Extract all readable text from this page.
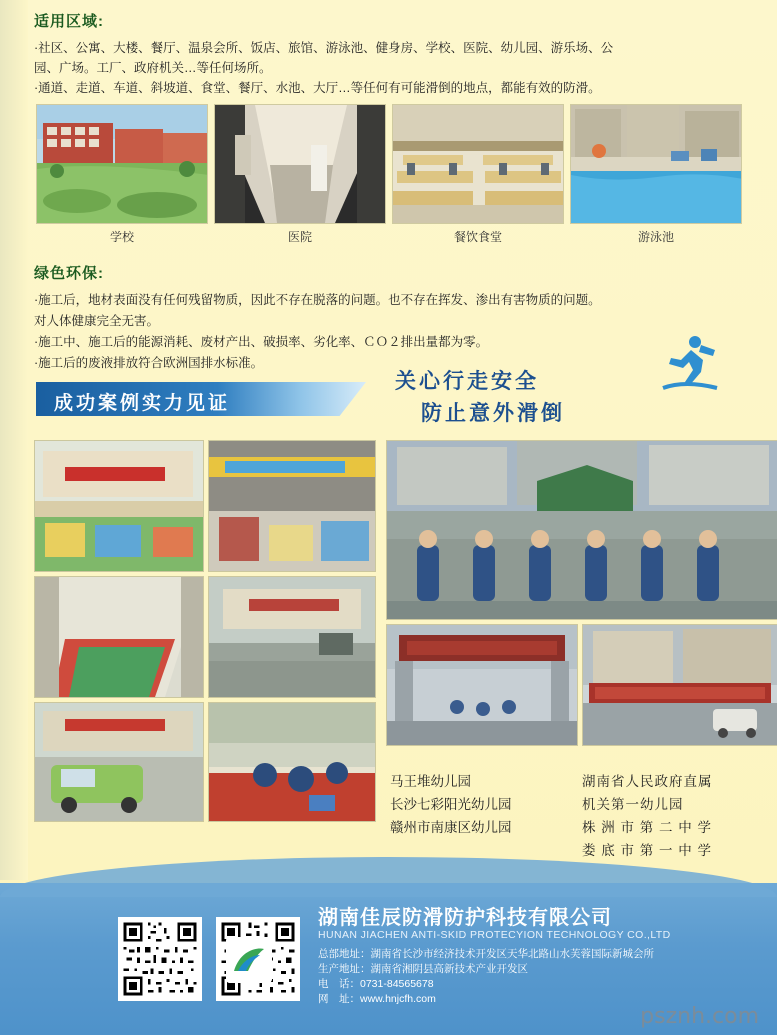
适用区域:
·社区、公寓、大楼、餐厅、温泉会所、饭店、旅馆、游泳池、健身房、学校、医院、幼儿园、游乐场、公
园、广场。工厂、政府机关…等任何场所。
·通道、走道、车道、斜坡道、食堂、餐厅、水池、大厅…等任何有可能滑倒的地点，都能有效的防滑。
学校	医院	餐饮食堂	游泳池
绿色环保:
·施工后，地材表面没有任何残留物质，因此不存在脱落的问题。也不存在挥发、渗出有害物质的问题。
对人体健康完全无害。
·施工中、施工后的能源消耗、废材产出、破损率、劣化率、ＣＯ２排出量都为零。
·施工后的废液排放符合欧洲国排水标准。
成功案例实力见证
关心行走安全
防止意外滑倒
马王堆幼儿园
长沙七彩阳光幼儿园
赣州市南康区幼儿园
湖南省人民政府直属
机关第一幼儿园
株 洲 市 第 二 中 学
娄 底 市 第 一 中 学
湖南佳辰防滑防护科技有限公司
HUNAN JIACHEN ANTI-SKID PROTECYION TECHNOLOGY CO.,LTD
总部地址：湖南省长沙市经济技术开发区天华北路山水芙蓉国际新城会所
生产地址：湖南省湘阴县高新技术产业开发区
电　话：0731-84565678
网　址：www.hnjcfh.com
psznh.com
